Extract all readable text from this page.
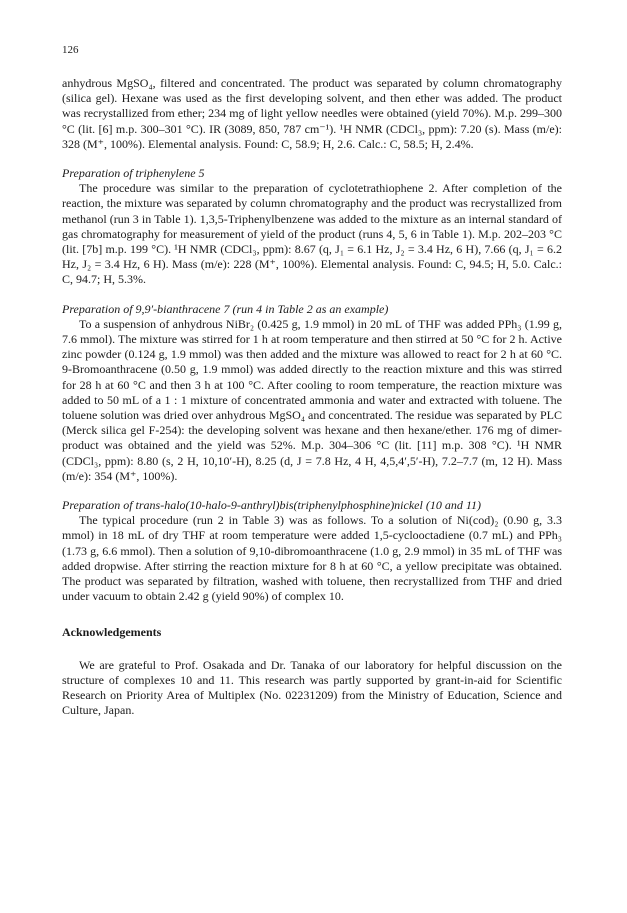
126

anhydrous MgSO₄, filtered and concentrated. The product was separated by column chromatography (silica gel). Hexane was used as the first developing solvent, and then ether was added. The product was recrystallized from ether; 234 mg of light yellow needles were obtained (yield 70%). M.p. 299–300 °C (lit. [6] m.p. 300–301 °C). IR (3089, 850, 787 cm⁻¹). ¹H NMR (CDCl₃, ppm): 7.20 (s). Mass (m/e): 328 (M⁺, 100%). Elemental analysis. Found: C, 58.9; H, 2.6. Calc.: C, 58.5; H, 2.4%.

Preparation of triphenylene 5

The procedure was similar to the preparation of cyclotetrathiophene 2. After completion of the reaction, the mixture was separated by column chromatography and the product was recrystallized from methanol (run 3 in Table 1). 1,3,5-Triphenylbenzene was added to the mixture as an internal standard of gas chromatography for measurement of yield of the product (runs 4, 5, 6 in Table 1). M.p. 202–203 °C (lit. [7b] m.p. 199 °C). ¹H NMR (CDCl₃, ppm): 8.67 (q, J₁ = 6.1 Hz, J₂ = 3.4 Hz, 6 H), 7.66 (q, J₁ = 6.2 Hz, J₂ = 3.4 Hz, 6 H). Mass (m/e): 228 (M⁺, 100%). Elemental analysis. Found: C, 94.5; H, 5.0. Calc.: C, 94.7; H, 5.3%.

Preparation of 9,9′-bianthracene 7 (run 4 in Table 2 as an example)

To a suspension of anhydrous NiBr₂ (0.425 g, 1.9 mmol) in 20 mL of THF was added PPh₃ (1.99 g, 7.6 mmol). The mixture was stirred for 1 h at room temperature and then stirred at 50 °C for 2 h. Active zinc powder (0.124 g, 1.9 mmol) was then added and the mixture was allowed to react for 2 h at 60 °C. 9-Bromoanthracene (0.50 g, 1.9 mmol) was added directly to the reaction mixture and this was stirred for 28 h at 60 °C and then 3 h at 100 °C. After cooling to room temperature, the reaction mixture was added to 50 mL of a 1 : 1 mixture of concentrated ammonia and water and extracted with toluene. The toluene solution was dried over anhydrous MgSO₄ and concentrated. The residue was separated by PLC (Merck silica gel F-254): the developing solvent was hexane and then hexane/ether. 176 mg of dimer-product was obtained and the yield was 52%. M.p. 304–306 °C (lit. [11] m.p. 308 °C). ¹H NMR (CDCl₃, ppm): 8.80 (s, 2 H, 10,10′-H), 8.25 (d, J = 7.8 Hz, 4 H, 4,5,4′,5′-H), 7.2–7.7 (m, 12 H). Mass (m/e): 354 (M⁺, 100%).

Preparation of trans-halo(10-halo-9-anthryl)bis(triphenylphosphine)nickel (10 and 11)

The typical procedure (run 2 in Table 3) was as follows. To a solution of Ni(cod)₂ (0.90 g, 3.3 mmol) in 18 mL of dry THF at room temperature were added 1,5-cyclooctadiene (0.7 mL) and PPh₃ (1.73 g, 6.6 mmol). Then a solution of 9,10-dibromoanthracene (1.0 g, 2.9 mmol) in 35 mL of THF was added dropwise. After stirring the reaction mixture for 8 h at 60 °C, a yellow precipitate was obtained. The product was separated by filtration, washed with toluene, then recrystallized from THF and dried under vacuum to obtain 2.42 g (yield 90%) of complex 10.

Acknowledgements

We are grateful to Prof. Osakada and Dr. Tanaka of our laboratory for helpful discussion on the structure of complexes 10 and 11. This research was partly supported by grant-in-aid for Scientific Research on Priority Area of Multiplex (No. 02231209) from the Ministry of Education, Science and Culture, Japan.
